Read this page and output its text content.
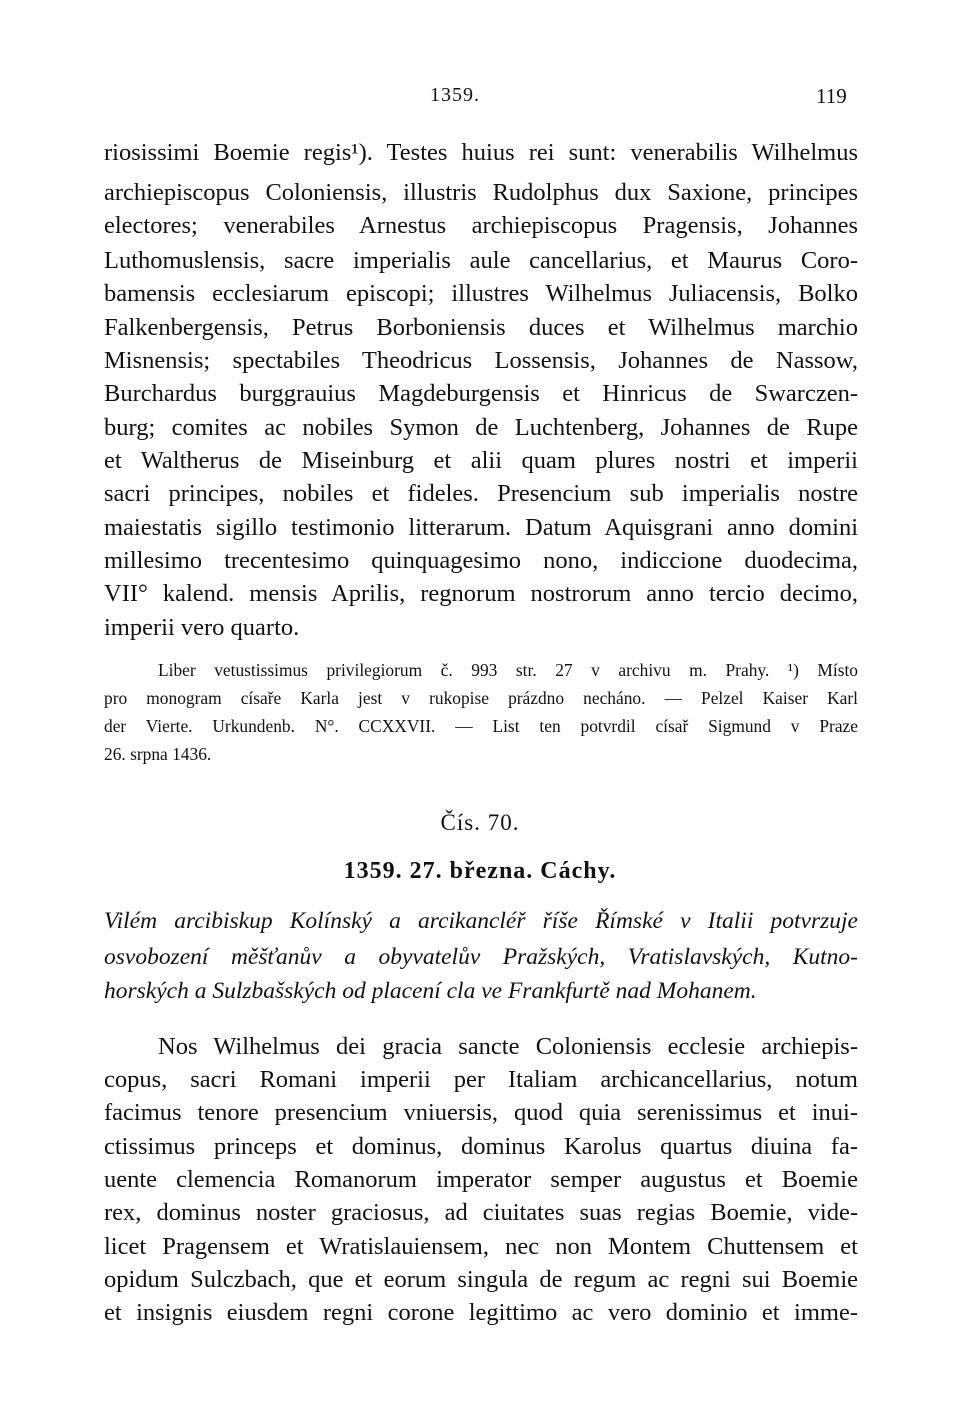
1359.	119
riosissimi Boemie regis¹). Testes huius rei sunt: venerabilis Wilhelmus
archiepiscopus Coloniensis, illustris Rudolphus dux Saxione, principes
electores; venerabiles Arnestus archiepiscopus Pragensis, Johannes
Luthomuslensis, sacre imperialis aule cancellarius, et Maurus Coro-
bamensis ecclesiarum episcopi; illustres Wilhelmus Juliacensis, Bolko
Falkenbergensis, Petrus Borboniensis duces et Wilhelmus marchio
Misnensis; spectabiles Theodricus Lossensis, Johannes de Nassow,
Burchardus burggrauius Magdeburgensis et Hinricus de Swarczen-
burg; comites ac nobiles Symon de Luchtenberg, Johannes de Rupe
et Waltherus de Miseinburg et alii quam plures nostri et imperii
sacri principes, nobiles et fideles. Presencium sub imperialis nostre
maiestatis sigillo testimonio litterarum. Datum Aquisgrani anno domini
millesimo trecentesimo quinquagesimo nono, indiccione duodecima,
VII° kalend. mensis Aprilis, regnorum nostrorum anno tercio decimo,
imperii vero quarto.
Liber vetustissimus privilegiorum č. 993 str. 27 v archivu m. Prahy. ¹) Místo
pro monogram císaře Karla jest v rukopise prázdno necháno. — Pelzel Kaiser Karl
der Vierte. Urkundenb. N°. CCXXVII. — List ten potvrdil císař Sigmund v Praze
26. srpna 1436.
Čís. 70.
1359. 27. března. Cáchy.
Vilém arcibiskup Kolínský a arcikancléř říše Římské v Italii potvrzuje
osvobození měšťanův a obyvatelův Pražských, Vratislavských, Kutno-
horských a Sulzbašských od placení cla ve Frankfurtě nad Mohanem.
Nos Wilhelmus dei gracia sancte Coloniensis ecclesie archiepis-
copus, sacri Romani imperii per Italiam archicancellarius, notum
facimus tenore presencium vniuersis, quod quia serenissimus et inui-
ctissimus princeps et dominus, dominus Karolus quartus diuina fa-
uente clemencia Romanorum imperator semper augustus et Boemie
rex, dominus noster graciosus, ad ciuitates suas regias Boemie, vide-
licet Pragensem et Wratislauiensem, nec non Montem Chuttensem et
opidum Sulczbach, que et eorum singula de regum ac regni sui Boemie
et insignis eiusdem regni corone legittimo ac vero dominio et imme-
